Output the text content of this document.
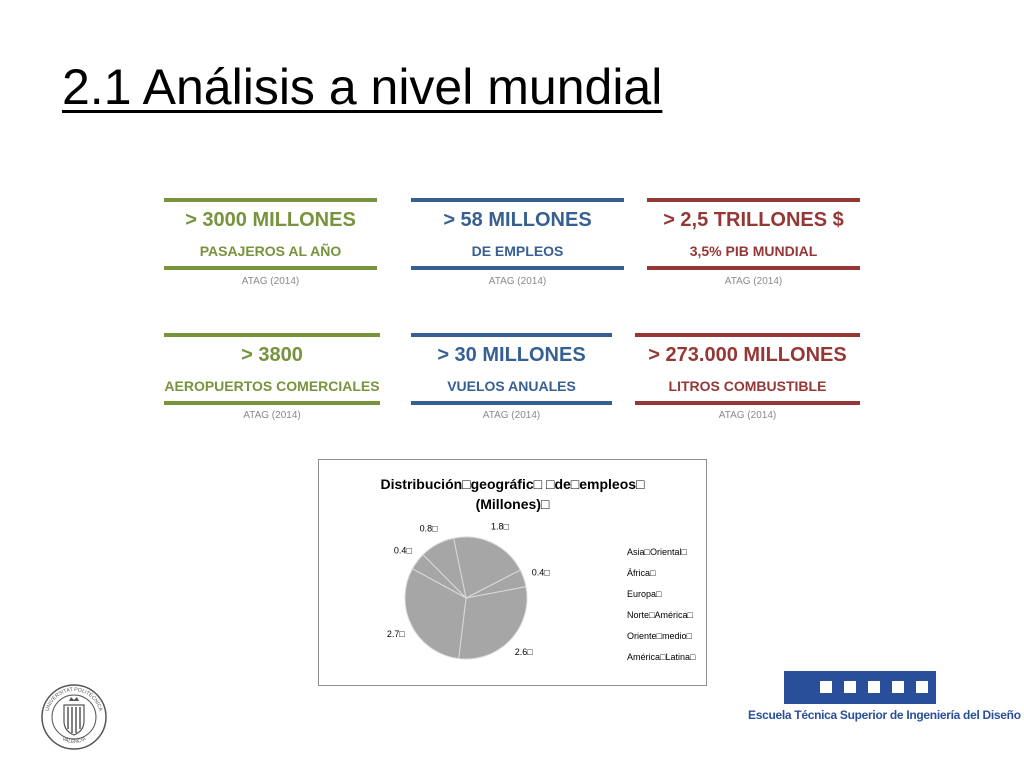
2.1 Análisis a nivel mundial
> 3000 MILLONES
PASAJEROS AL AÑO
ATAG (2014)
> 58 MILLONES
DE EMPLEOS
ATAG (2014)
> 2,5 TRILLONES $
3,5% PIB MUNDIAL
ATAG (2014)
> 3800
AEROPUERTOS COMERCIALES
ATAG (2014)
> 30 MILLONES
VUELOS ANUALES
ATAG (2014)
> 273.000 MILLONES
LITROS COMBUSTIBLE
ATAG (2014)
Distribución□geográfic□ □de□empleos□
(Millones)□
2.6□
0.4□
1.8□
0.8□
0.4□
2.7□
Asia□Oriental□
África□
Europa□
Norte□América□
Oriente□medio□
América□Latina□
UNIVERSITAT POLITÈCNICA
VALÈNCIA
Escuela Técnica Superior de Ingeniería del Diseño
